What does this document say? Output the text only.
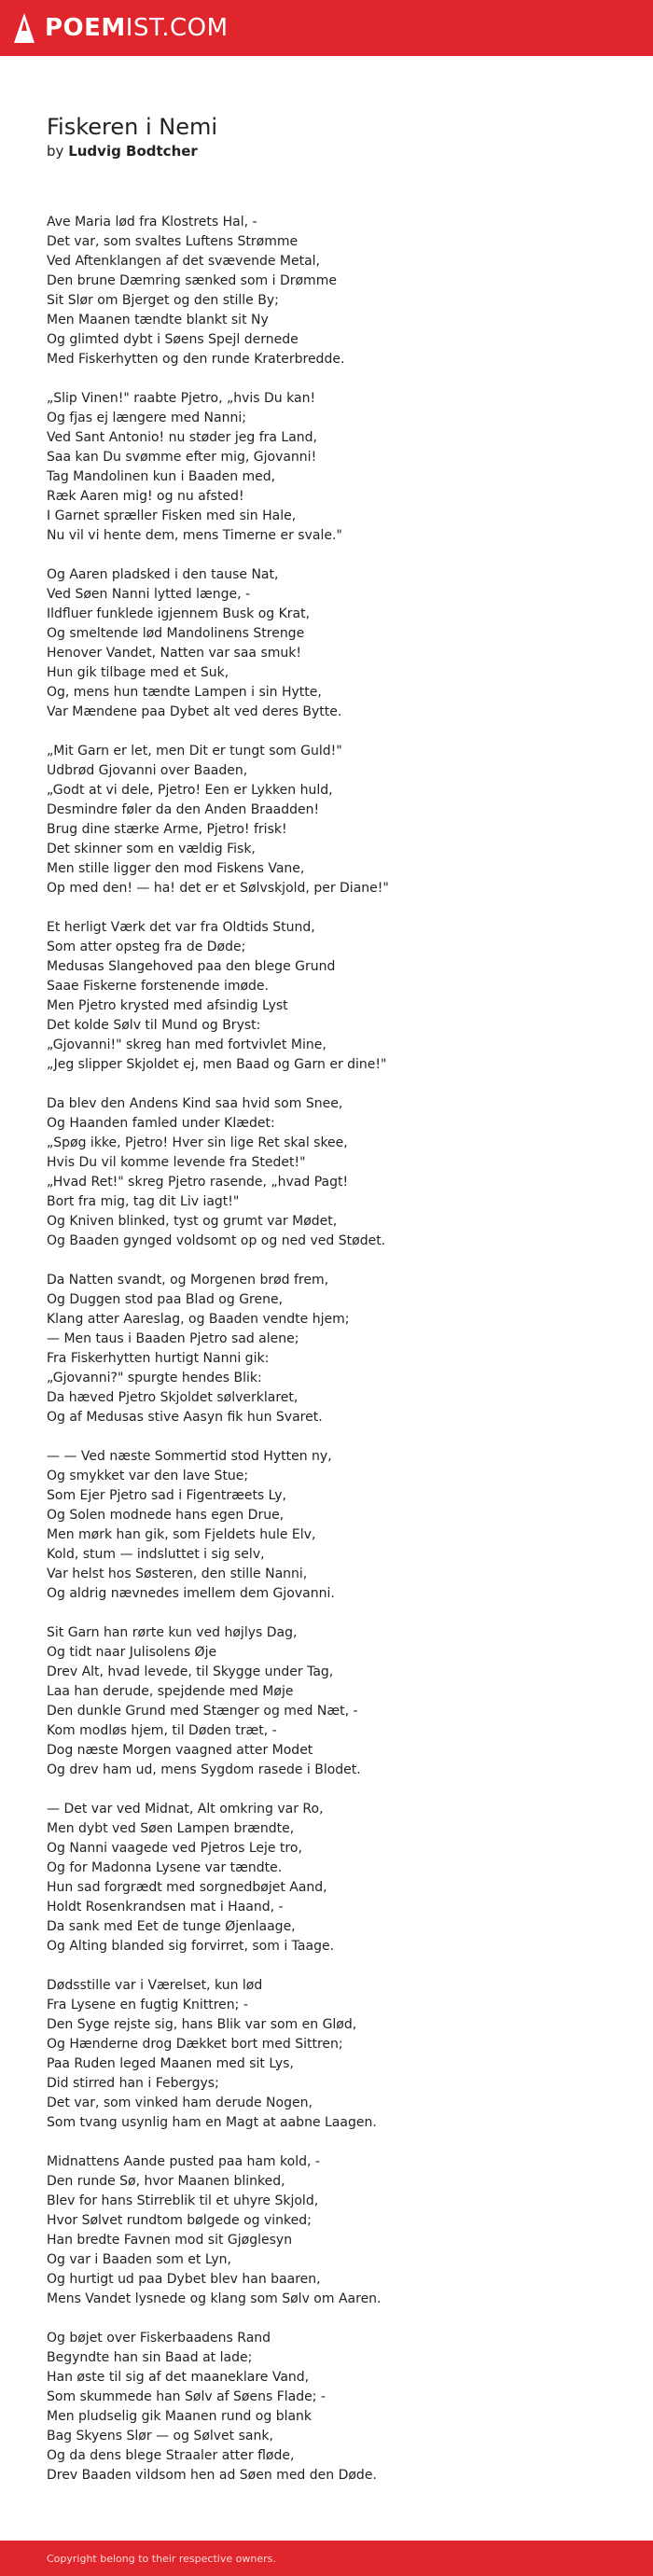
POEMIST.COM
Fiskeren i Nemi
by Ludvig Bodtcher

Ave Maria lød fra Klostrets Hal, -
Det var, som svaltes Luftens Strømme
Ved Aftenklangen af det svævende Metal,
Den brune Dæmring sænked som i Drømme
Sit Slør om Bjerget og den stille By;
Men Maanen tændte blankt sit Ny
Og glimted dybt i Søens Spejl dernede
Med Fiskerhytten og den runde Kraterbredde.

„Slip Vinen!" raabte Pjetro, „hvis Du kan!
Og fjas ej længere med Nanni;
Ved Sant Antonio! nu støder jeg fra Land,
Saa kan Du svømme efter mig, Gjovanni!
Tag Mandolinen kun i Baaden med,
Ræk Aaren mig! og nu afsted!
I Garnet spræller Fisken med sin Hale,
Nu vil vi hente dem, mens Timerne er svale."

Og Aaren pladsked i den tause Nat,
Ved Søen Nanni lytted længe, -
Ildfluer funklede igjennem Busk og Krat,
Og smeltende lød Mandolinens Strenge
Henover Vandet, Natten var saa smuk!
Hun gik tilbage med et Suk,
Og, mens hun tændte Lampen i sin Hytte,
Var Mændene paa Dybet alt ved deres Bytte.

„Mit Garn er let, men Dit er tungt som Guld!"
Udbrød Gjovanni over Baaden,
„Godt at vi dele, Pjetro! Een er Lykken huld,
Desmindre føler da den Anden Braadden!
Brug dine stærke Arme, Pjetro! frisk!
Det skinner som en vældig Fisk,
Men stille ligger den mod Fiskens Vane,
Op med den! — ha! det er et Sølvskjold, per Diane!"

Et herligt Værk det var fra Oldtids Stund,
Som atter opsteg fra de Døde;
Medusas Slangehoved paa den blege Grund
Saae Fiskerne forstenende imøde.
Men Pjetro krysted med afsindig Lyst
Det kolde Sølv til Mund og Bryst:
„Gjovanni!" skreg han med fortvivlet Mine,
„Jeg slipper Skjoldet ej, men Baad og Garn er dine!"

Da blev den Andens Kind saa hvid som Snee,
Og Haanden famled under Klædet:
„Spøg ikke, Pjetro! Hver sin lige Ret skal skee,
Hvis Du vil komme levende fra Stedet!"
„Hvad Ret!" skreg Pjetro rasende, „hvad Pagt!
Bort fra mig, tag dit Liv iagt!"
Og Kniven blinked, tyst og grumt var Mødet,
Og Baaden gynged voldsomt op og ned ved Stødet.

Da Natten svandt, og Morgenen brød frem,
Og Duggen stod paa Blad og Grene,
Klang atter Aareslag, og Baaden vendte hjem;
— Men taus i Baaden Pjetro sad alene;
Fra Fiskerhytten hurtigt Nanni gik:
„Gjovanni?" spurgte hendes Blik:
Da hæved Pjetro Skjoldet sølverklaret,
Og af Medusas stive Aasyn fik hun Svaret.

— — Ved næste Sommertid stod Hytten ny,
Og smykket var den lave Stue;
Som Ejer Pjetro sad i Figentræets Ly,
Og Solen modnede hans egen Drue,
Men mørk han gik, som Fjeldets hule Elv,
Kold, stum — indsluttet i sig selv,
Var helst hos Søsteren, den stille Nanni,
Og aldrig nævnedes imellem dem Gjovanni.

Sit Garn han rørte kun ved højlys Dag,
Og tidt naar Julisolens Øje
Drev Alt, hvad levede, til Skygge under Tag,
Laa han derude, spejdende med Møje
Den dunkle Grund med Stænger og med Næt, -
Kom modløs hjem, til Døden træt, -
Dog næste Morgen vaagned atter Modet
Og drev ham ud, mens Sygdom rasede i Blodet.

— Det var ved Midnat, Alt omkring var Ro,
Men dybt ved Søen Lampen brændte,
Og Nanni vaagede ved Pjetros Leje tro,
Og for Madonna Lysene var tændte.
Hun sad forgrædt med sorgnedbøjet Aand,
Holdt Rosenkrandsen mat i Haand, -
Da sank med Eet de tunge Øjenlaage,
Og Alting blanded sig forvirret, som i Taage.

Dødsstille var i Værelset, kun lød
Fra Lysene en fugtig Knittren; -
Den Syge rejste sig, hans Blik var som en Glød,
Og Hænderne drog Dækket bort med Sittren;
Paa Ruden leged Maanen med sit Lys,
Did stirred han i Febergys;
Det var, som vinked ham derude Nogen,
Som tvang usynlig ham en Magt at aabne Laagen.

Midnattens Aande pusted paa ham kold, -
Den runde Sø, hvor Maanen blinked,
Blev for hans Stirreblik til et uhyre Skjold,
Hvor Sølvet rundtom bølgede og vinked;
Han bredte Favnen mod sit Gjøglesyn
Og var i Baaden som et Lyn,
Og hurtigt ud paa Dybet blev han baaren,
Mens Vandet lysnede og klang som Sølv om Aaren.

Og bøjet over Fiskerbaadens Rand
Begyndte han sin Baad at lade;
Han øste til sig af det maaneklare Vand,
Som skummede han Sølv af Søens Flade; -
Men pludselig gik Maanen rund og blank
Bag Skyens Slør — og Sølvet sank,
Og da dens blege Straaler atter fløde,
Drev Baaden vildsom hen ad Søen med den Døde.

Copyright belong to their respective owners.
